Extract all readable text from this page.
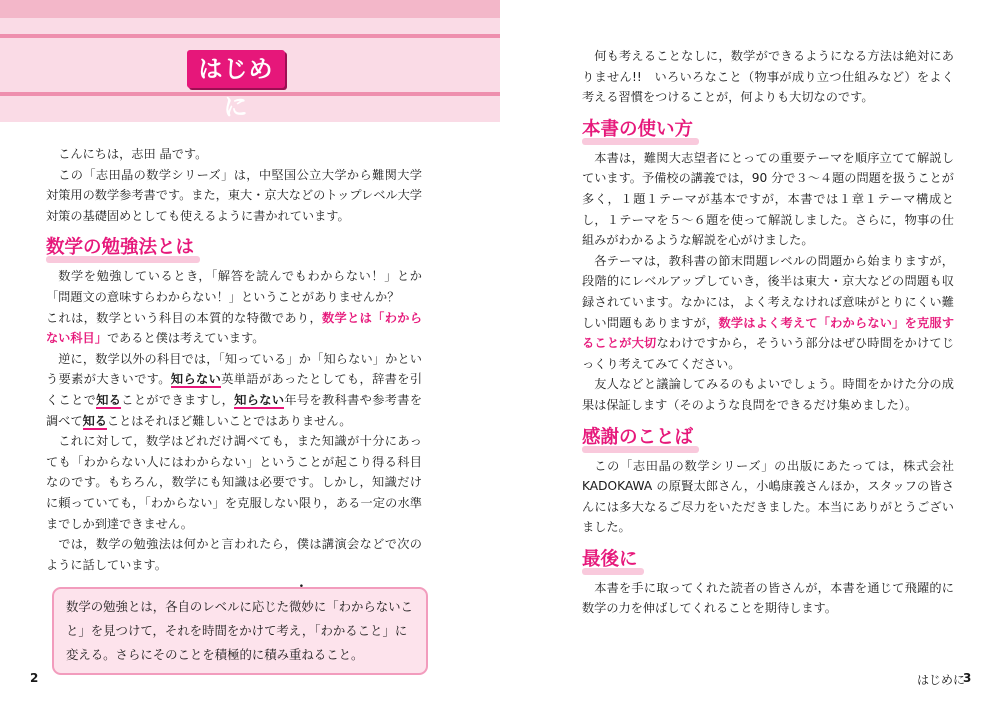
はじめに

こんにちは，志田 晶です。

この「志田晶の数学シリーズ」は，中堅国公立大学から難関大学対策用の数学参考書です。また，東大・京大などのトップレベル大学対策の基礎固めとしても使えるように書かれています。

数学の勉強法とは

数学を勉強しているとき，「解答を読んでもわからない！」とか「問題文の意味すらわからない！」ということがありませんか？

これは，数学という科目の本質的な特徴であり，数学とは「わからない科目」であると僕は考えています。

逆に，数学以外の科目では，「知っている」か「知らない」かという要素が大きいです。知らない英単語があったとしても，辞書を引くことで知ることができますし，知らない年号を教科書や参考書を調べて知ることはそれほど難しいことではありません。

これに対して，数学はどれだけ調べても，また知識が十分にあっても「わからない人にはわからない」ということが起こり得る科目なのです。もちろん，数学にも知識は必要です。しかし，知識だけに頼っていても，「わからない」を克服しない限り，ある一定の水準までしか到達できません。

では，数学の勉強法は何かと言われたら，僕は講演会などで次のように話しています。

数学の勉強とは，各自のレベルに応じた微妙に「わからないこと」を見つけて，それを時間をかけて考え，「わかること」に変える。さらにそのことを積極的に積み重ねること。

何も考えることなしに，数学ができるようになる方法は絶対にありません!!　いろいろなこと（物事が成り立つ仕組みなど）をよく考える習慣をつけることが，何よりも大切なのです。

本書の使い方

本書は，難関大志望者にとっての重要テーマを順序立てて解説しています。予備校の講義では，90 分で３～４題の問題を扱うことが多く，１題１テーマが基本ですが，本書では１章１テーマ構成とし，１テーマを５～６題を使って解説しました。さらに，物事の仕組みがわかるような解説を心がけました。

各テーマは，教科書の節末問題レベルの問題から始まりますが，段階的にレベルアップしていき，後半は東大・京大などの問題も収録されています。なかには，よく考えなければ意味がとりにくい難しい問題もありますが，数学はよく考えて「わからない」を克服することが大切なわけですから，そういう部分はぜひ時間をかけてじっくり考えてみてください。

友人などと議論してみるのもよいでしょう。時間をかけた分の成果は保証します（そのような良問をできるだけ集めました）。

感謝のことば

この「志田晶の数学シリーズ」の出版にあたっては，株式会社 KADOKAWA の原賢太郎さん，小嶋康義さんほか，スタッフの皆さんには多大なるご尽力をいただきました。本当にありがとうございました。

最後に

本書を手に取ってくれた読者の皆さんが，本書を通じて飛躍的に数学の力を伸ばしてくれることを期待します。

2	はじめに
3
